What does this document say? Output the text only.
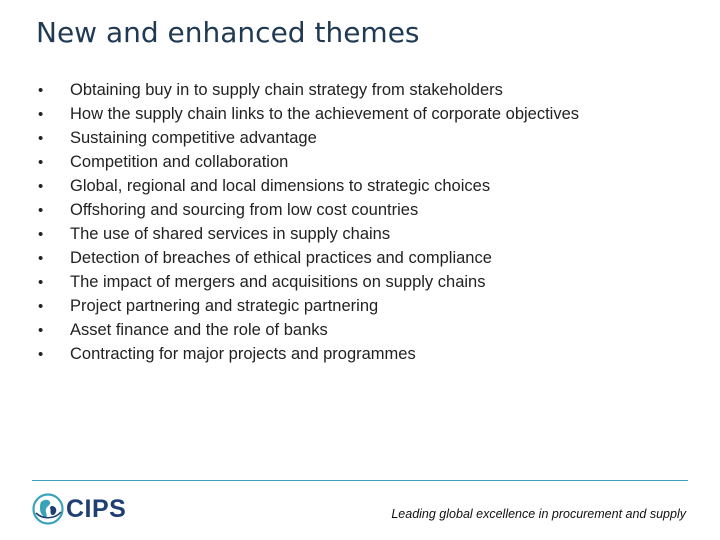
New and enhanced themes
•	Obtaining buy in to supply chain strategy from stakeholders
•	How the supply chain links to the achievement of corporate objectives
•	Sustaining competitive advantage
•	Competition and collaboration
•	Global, regional and local dimensions to strategic choices
•	Offshoring and sourcing from low cost countries
•	The use of shared services in supply chains
•	Detection of breaches of ethical practices and compliance
•	The impact of mergers and acquisitions on supply chains
•	Project partnering and strategic partnering
•	Asset finance and the role of banks
•	Contracting for major projects and programmes
CIPS	Leading global excellence in procurement and supply
